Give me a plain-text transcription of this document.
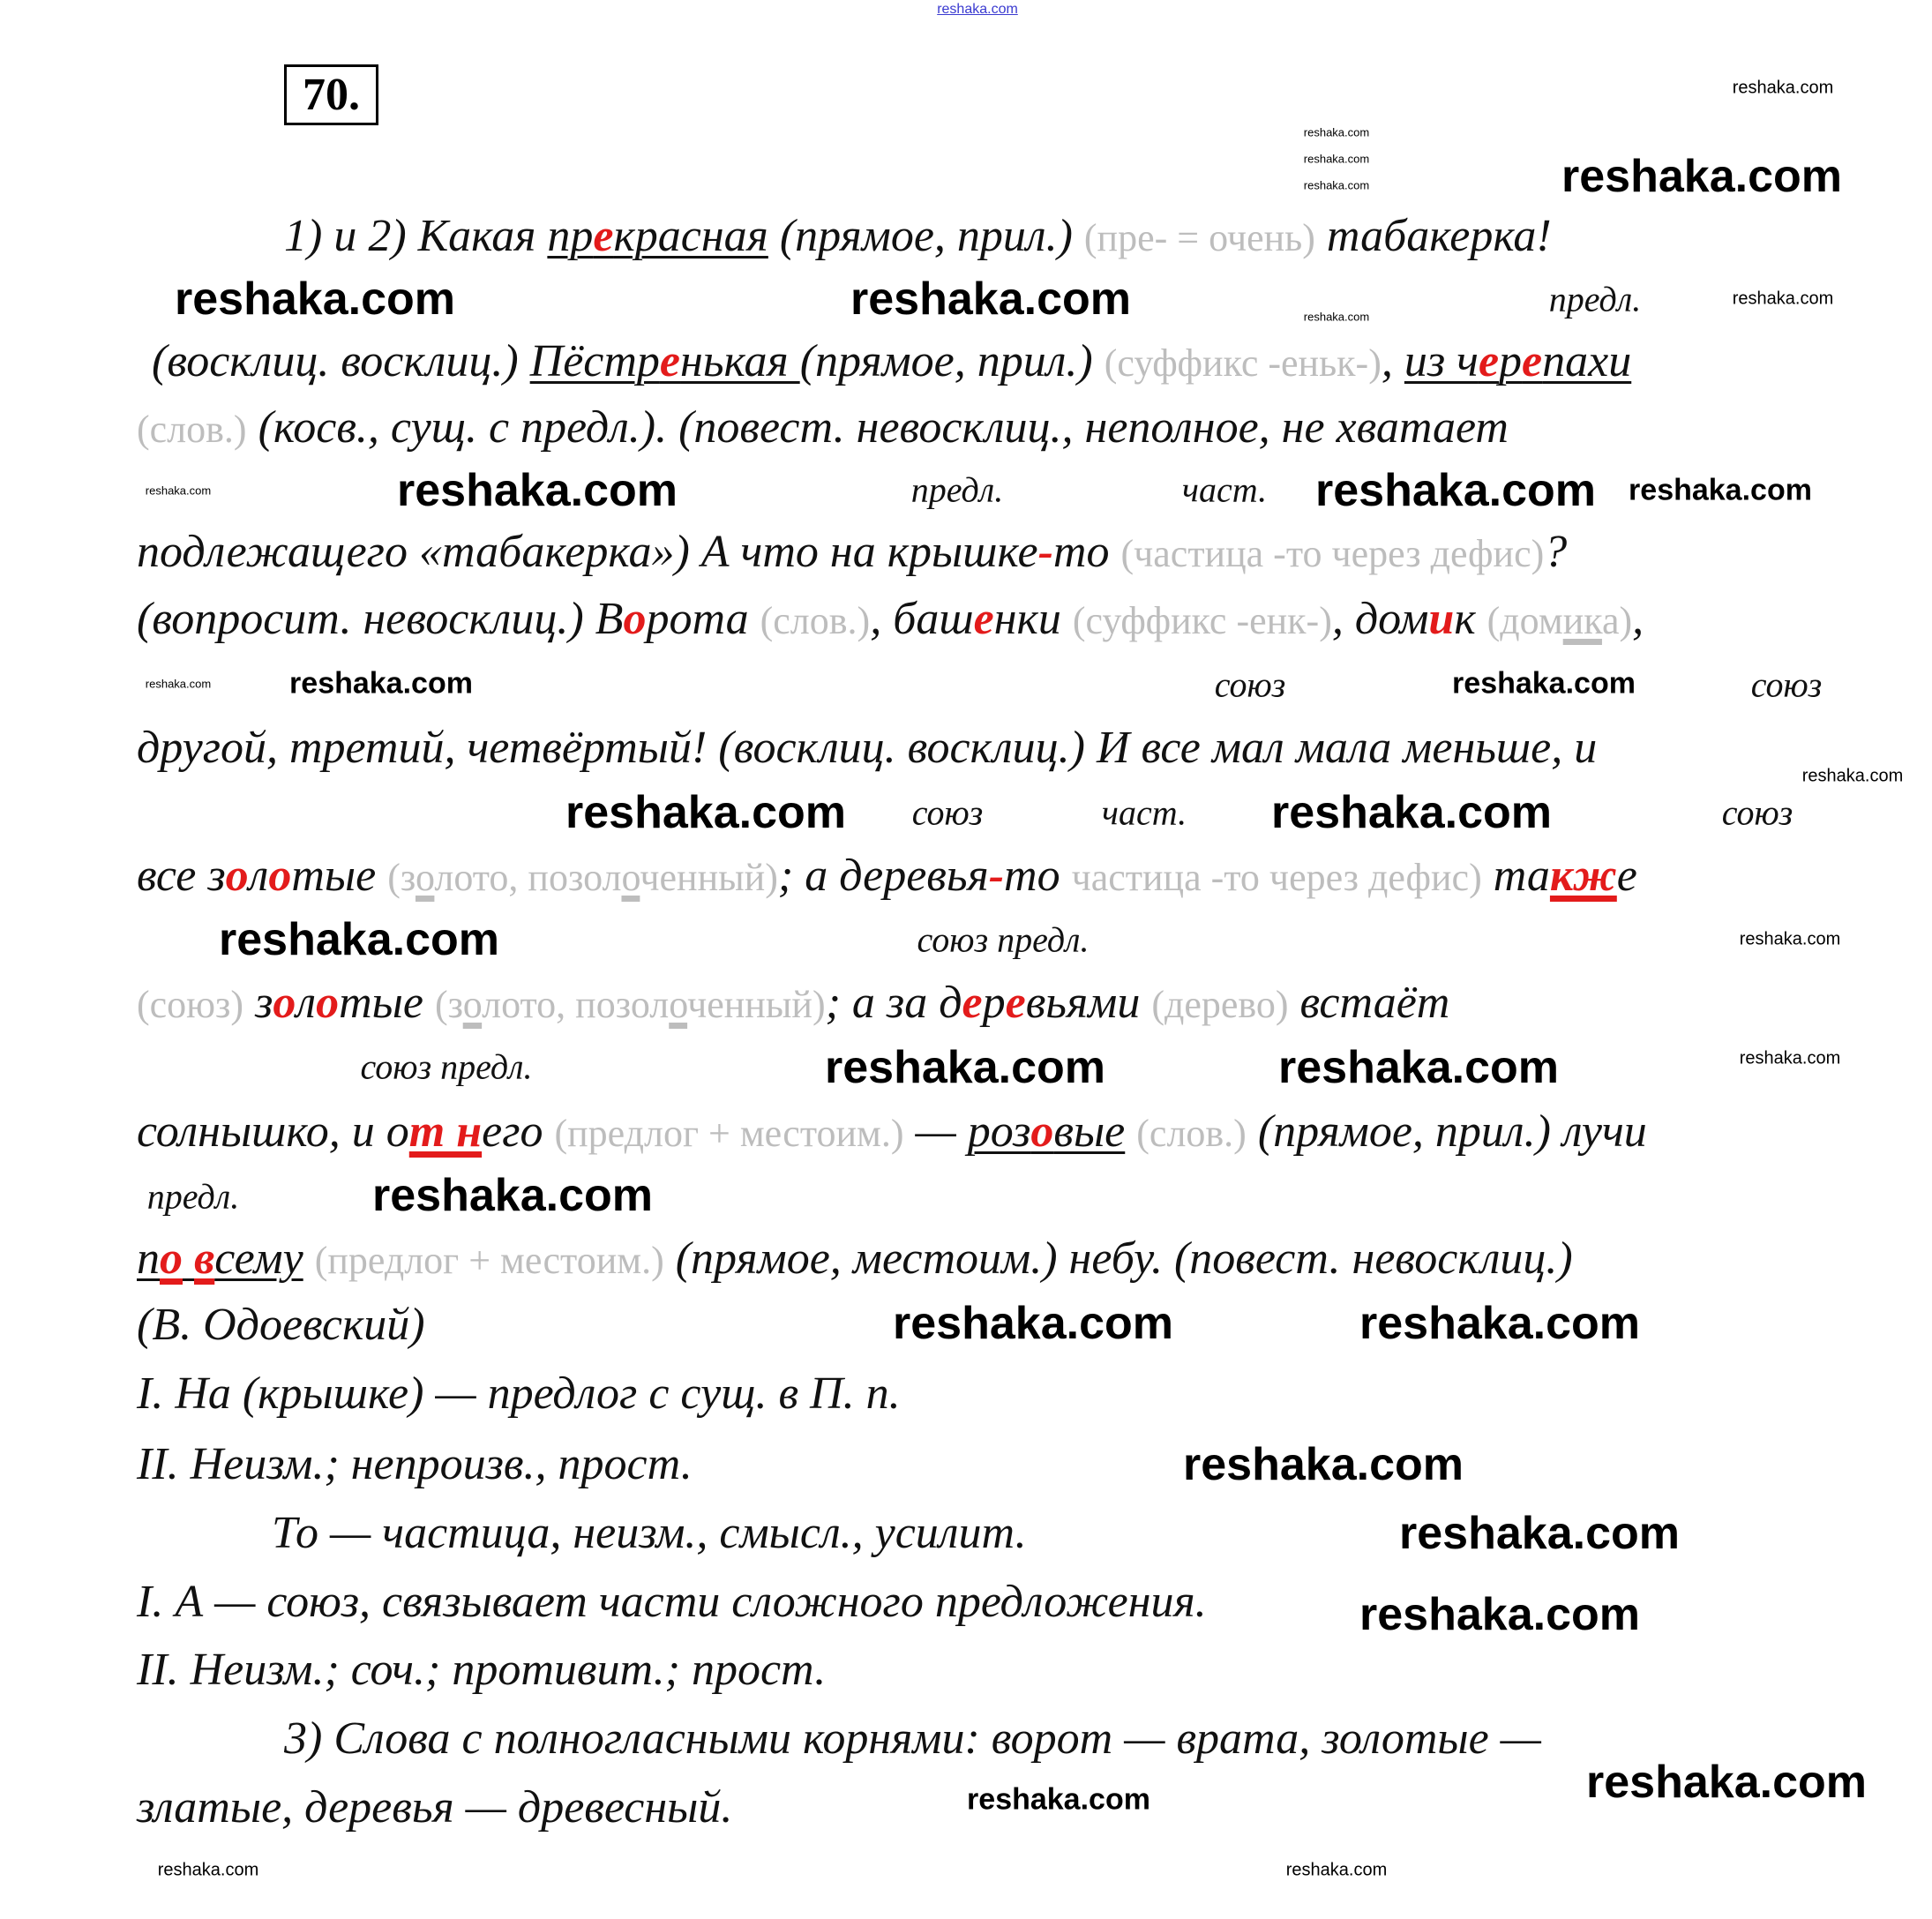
70.
1) и 2) Какая прекрасная (прямое, прил.) (пре- = очень) табакерка!
(восклиц. восклиц.) Пёстренькая (прямое, прил.) (суффикс -еньк-), из черепахи
(слов.) (косв., сущ. с предл.). (повест. невосклиц., неполное, не хватает
подлежащего «табакерка») А что на крышке-то (частица -то через дефис)?
(вопросит. невосклиц.) Ворота (слов.), башенки (суффикс -енк-), домик (домика),
другой, третий, четвёртый! (восклиц. восклиц.) И все мал мала меньше, и
все золотые (золото, позолоченный); а деревья-то частица -то через дефис) также
(союз) золотые (золото, позолоченный); а за деревьями (дерево) встаёт
солнышко, и от него (предлог + местоим.) — розовые (слов.) (прямое, прил.) лучи
по всему (предлог + местоим.) (прямое, местоим.) небу. (повест. невосклиц.)
(В. Одоевский)
I. На (крышке) — предлог с сущ. в П. п.
II. Неизм.; непроизв., прост.
То — частица, неизм., смысл., усилит.
I. А — союз, связывает части сложного предложения.
II. Неизм.; соч.; противит.; прост.
3) Слова с полногласными корнями: ворот — врата, золотые —
златые, деревья — древесный.
предл.
предл.	част.
союз	союз
союз	част.	союз
союз предл.
союз предл.
предл.
reshaka.com
reshaka.com
reshaka.com	reshaka.com
reshaka.com	reshaka.com
reshaka.com
reshaka.com
reshaka.com	reshaka.com
reshaka.com
reshaka.com
reshaka.com	reshaka.com
reshaka.com
reshaka.com	reshaka.com
reshaka.com
reshaka.com
reshaka.com
reshaka.com
reshaka.com
reshaka.com
reshaka.com
reshaka.com
reshaka.com
reshaka.com
reshaka.com
reshaka.com
reshaka.com
reshaka.com
reshaka.com
reshaka.com
reshaka.com
reshaka.com
